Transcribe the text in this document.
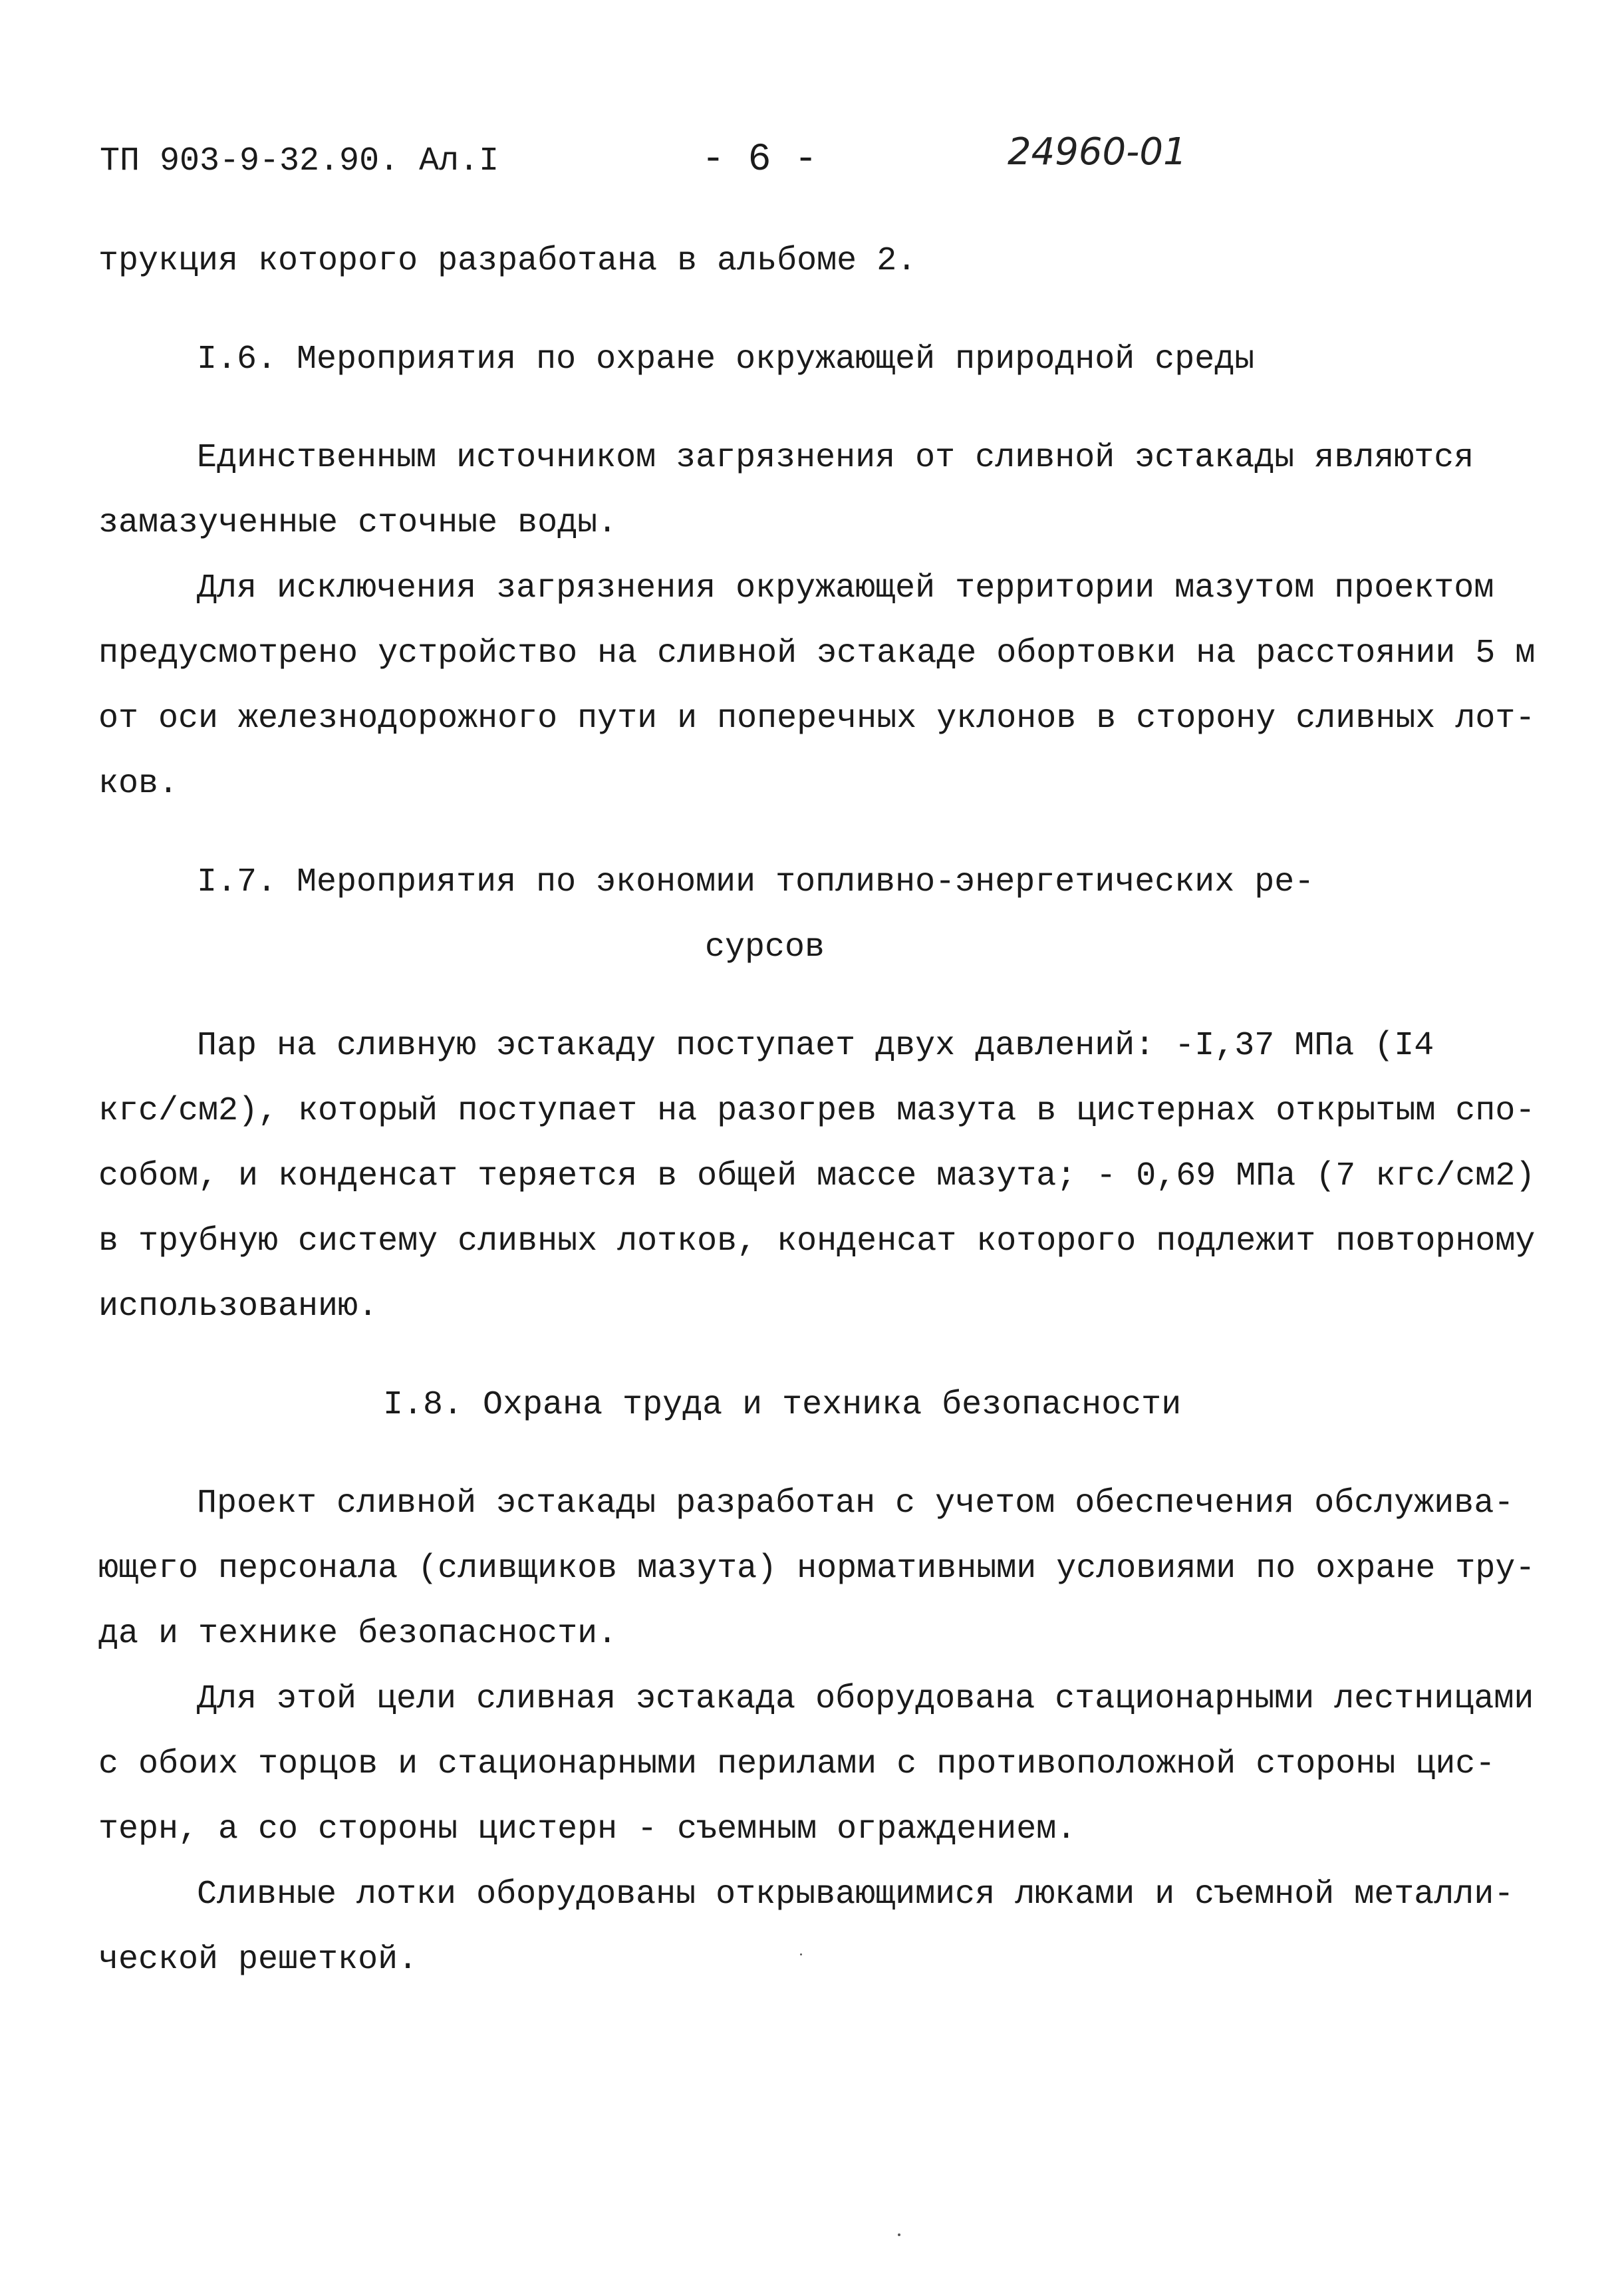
ТП 903-9-32.90. Ал.I	- 6 -	24960-01
трукция которого разработана в альбоме 2.
I.6. Мероприятия по охране окружающей природной среды
Единственным источником загрязнения от сливной эстакады являются
замазученные сточные воды.
Для исключения загрязнения окружающей территории мазутом проектом
предусмотрено устройство на сливной эстакаде обортовки на расстоянии 5 м
от оси железнодорожного пути и поперечных уклонов в сторону сливных лот-
ков.
I.7. Мероприятия по экономии топливно-энергетических ре-
сурсов
Пар на сливную эстакаду поступает двух давлений: -I,37 МПа (I4
кгс/см2), который поступает на разогрев мазута в цистернах открытым спо-
собом, и конденсат теряется в общей массе мазута; - 0,69 МПа (7 кгс/см2)
в трубную систему сливных лотков, конденсат которого подлежит повторному
использованию.
I.8. Охрана труда и техника безопасности
Проект сливной эстакады разработан с учетом обеспечения обслужива-
ющего персонала (сливщиков мазута) нормативными условиями по охране тру-
да и технике безопасности.
Для этой цели сливная эстакада оборудована стационарными лестницами
с обоих торцов и стационарными перилами с противоположной стороны цис-
терн, а со стороны цистерн - съемным ограждением.
Сливные лотки оборудованы открывающимися люками и съемной металли-
ческой решеткой.
